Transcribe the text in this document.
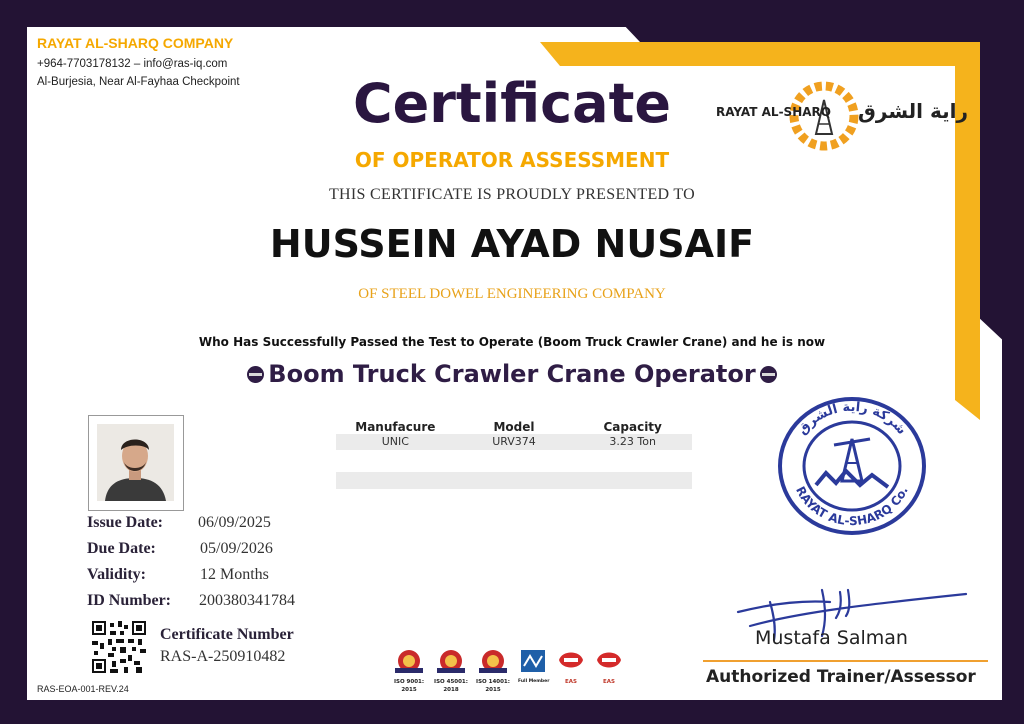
RAYAT AL-SHARQ COMPANY
+964-7703178132 – info@ras-iq.com
Al-Burjesia, Near Al-Fayhaa Checkpoint
RAYAT AL-SHARQ راية الشرق
Certificate
OF OPERATOR ASSESSMENT
THIS CERTIFICATE IS PROUDLY PRESENTED TO
HUSSEIN AYAD NUSAIF
OF STEEL DOWEL ENGINEERING COMPANY
Who Has Successfully Passed the Test to Operate (Boom Truck Crawler Crane) and he is now
Boom Truck Crawler Crane Operator
Issue Date: 06/09/2025
Due Date:	05/09/2026
Validity:	12 Months
ID Number: 200380341784
Certificate Number
RAS-A-250910482
RAS-EOA-001-REV.24
Manufacure	Model	Capacity
UNIC	URV374	3.23 Ton
شركة راية الشرق
RAYAT AL-SHARQ Co.
ISO 9001:
2015
ISO 45001:
2018
ISO 14001:
2015
Full Member	EAS	EAS
Mustafa Salman
Authorized Trainer/Assessor
